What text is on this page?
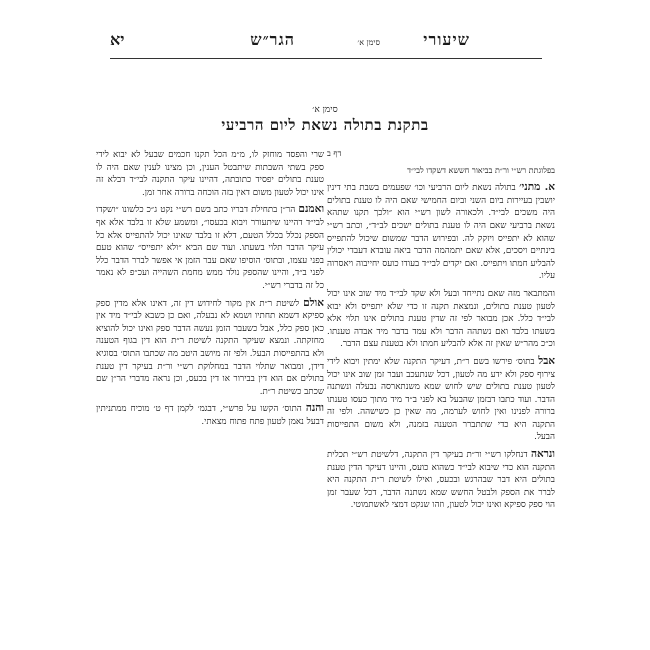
שיעורי
סימן א׳
הגר״ש
יא
סימן א׳
בתקנת בתולה נשאת ליום הרביעי
דף ב

בפלוגתת רש״י ור״ת בביאור חששא דשקדו לבי״ד

א. מתני׳ בתולה נשאת ליום הרביעי וכו׳ שפעמים בשבת בתי דינין יושבין בעיירות ביום השני וביום החמישי שאם היה לו טענת בתולים היה משכים לבי״ד. ולכאורה לשון רש״י הוא ״ולכך תקנו שתהא נשאת ברביעי שאם היה לו טענת בתולים ישכים לב״ד״, וכתב רש״י שהוא לא יתפייס ויזקק לה. ובפירוש הדבר שמשום שיכול להתפייס בינתיים ויסכים, אלא שאם יתמהמה הדבר ביאה עובדא דעבדי יכולין להבליע חמתו ויתפייס. ואם יקדים לבי״ד בעודו כועס יחייבוה ויאסרוה עליו.

והמתבאר מזה שאם נתייחד ובעל ולא שקד לבי״ד מיד שוב אינו יכול לטעון טענת בתולים, ונמצאת תקנה זו כדי שלא יתפייס ולא יבוא לבי״ד כלל. אכן מבואר לפי זה שדין טענת בתולים אינו תלוי אלא בשעתו בלבד ואם נשתהה הדבר ולא עמד בדבר מיד אבדה טענתו. וכ״כ מהר״ש שאין זה אלא להבליע חמתו ולא בטענת עצם הדבר.

אבל בתוס׳ פירשו בשם ר״ת, דעיקר התקנה שלא ימתין ויבוא לידי צירוף ספק ולא ידע מה לטעון, דכל שנתעכב ועבר זמן שוב אינו יכול לטעון טענת בתולים שיש לחוש שמא משנתארסה נבעלה ונשתנה הדבר. ועוד כתבו דבזמן שהבעל בא לפני ב״ד מיד מתוך כעסו טענתו ברורה לפנינו ואין לחוש לערמה, מה שאין כן כשישהה. ולפי זה התקנה היא כדי שתתברר הטענה בזמנה, ולא משום התפייסות הבעל.

ונראה דנחלקו רש״י ור״ת בעיקר דין התקנה, דלשיטת רש״י תכלית התקנה הוא כדי שיבוא לבי״ד כשהוא כועס, והיינו דעיקר הדין טענת בתולים היא דבר שבהרגש ובכעס, ואילו לשיטת ר״ת התקנה היא לברר את הספק ולבטל החשש שמא נשתנה הדבר, דכל שעבר זמן הוי ספק ספיקא ואינו יכול לטעון, וזהו שנקט דמצי לאשתמוטי.

שרי והפסד מוחזק לו, מ״מ הכל תקנו חכמים שבעל לא יבוא לידי ספק בשתי השבתות שיתבטל הענין, וכן מצינו לענין שאם היה לו טענת בתולים יפסיד כתובתה, דהיינו עיקר התקנה לבי״ד דבלא זה אינו יכול לטעון משום דאין בזה הוכחה ברורה אחר זמן.

ואמנם הר״ן בתחילת דבריו כתב בשם רש״י נקט ג״כ כלשונו ״ושקדו לבי״ד דהיינו שיתעורר ויבוא בכעסו״, ומשמע שלא זו בלבד אלא אף הספק נכלל בכלל הטעם, דלא זו בלבד שאינו יכול להתפייס אלא כל עיקר הדבר תלוי בשעתו. ועוד שם הביא ״ולא יתפייס״ שהוא טעם בפני עצמו, ובתוס׳ הוסיפו שאם עבר הזמן אי אפשר לברר הדבר כלל לפני ב״ד, והיינו שהספק נולד ממש מחמת השהייה ועכ״פ לא נאמר כל זה בדברי רש״י.

אולם לשיטת ר״ת אין מקור לחידוש דין זה, דאינו אלא מדין ספק ספיקא דשמא תחתיו ושמא לא נבעלה, ואם כן כשבא לבי״ד מיד אין כאן ספק כלל, אבל כשעבר הזמן נעשה הדבר ספק ואינו יכול להוציא מחזקתה. ונמצא שעיקר התקנה לשיטת ר״ת הוא דין בגוף הטענה ולא בהתפייסות הבעל. ולפי זה מיושב היטב מה שכתבו התוס׳ בסוגיא דידן, ומבואר שתלוי הדבר במחלוקת רש״י ור״ת בעיקר דין טענת בתולים אם הוא דין בבירור או דין בכעס, וכן נראה מדברי הר״ן שם שכתב כשיטת ר״ת.

והנה התוס׳ הקשו על פרש״י, דבגמ׳ לקמן דף ט׳ מוכיח ממתניתין דבעל נאמן לטעון פתח פתוח מצאתי.
